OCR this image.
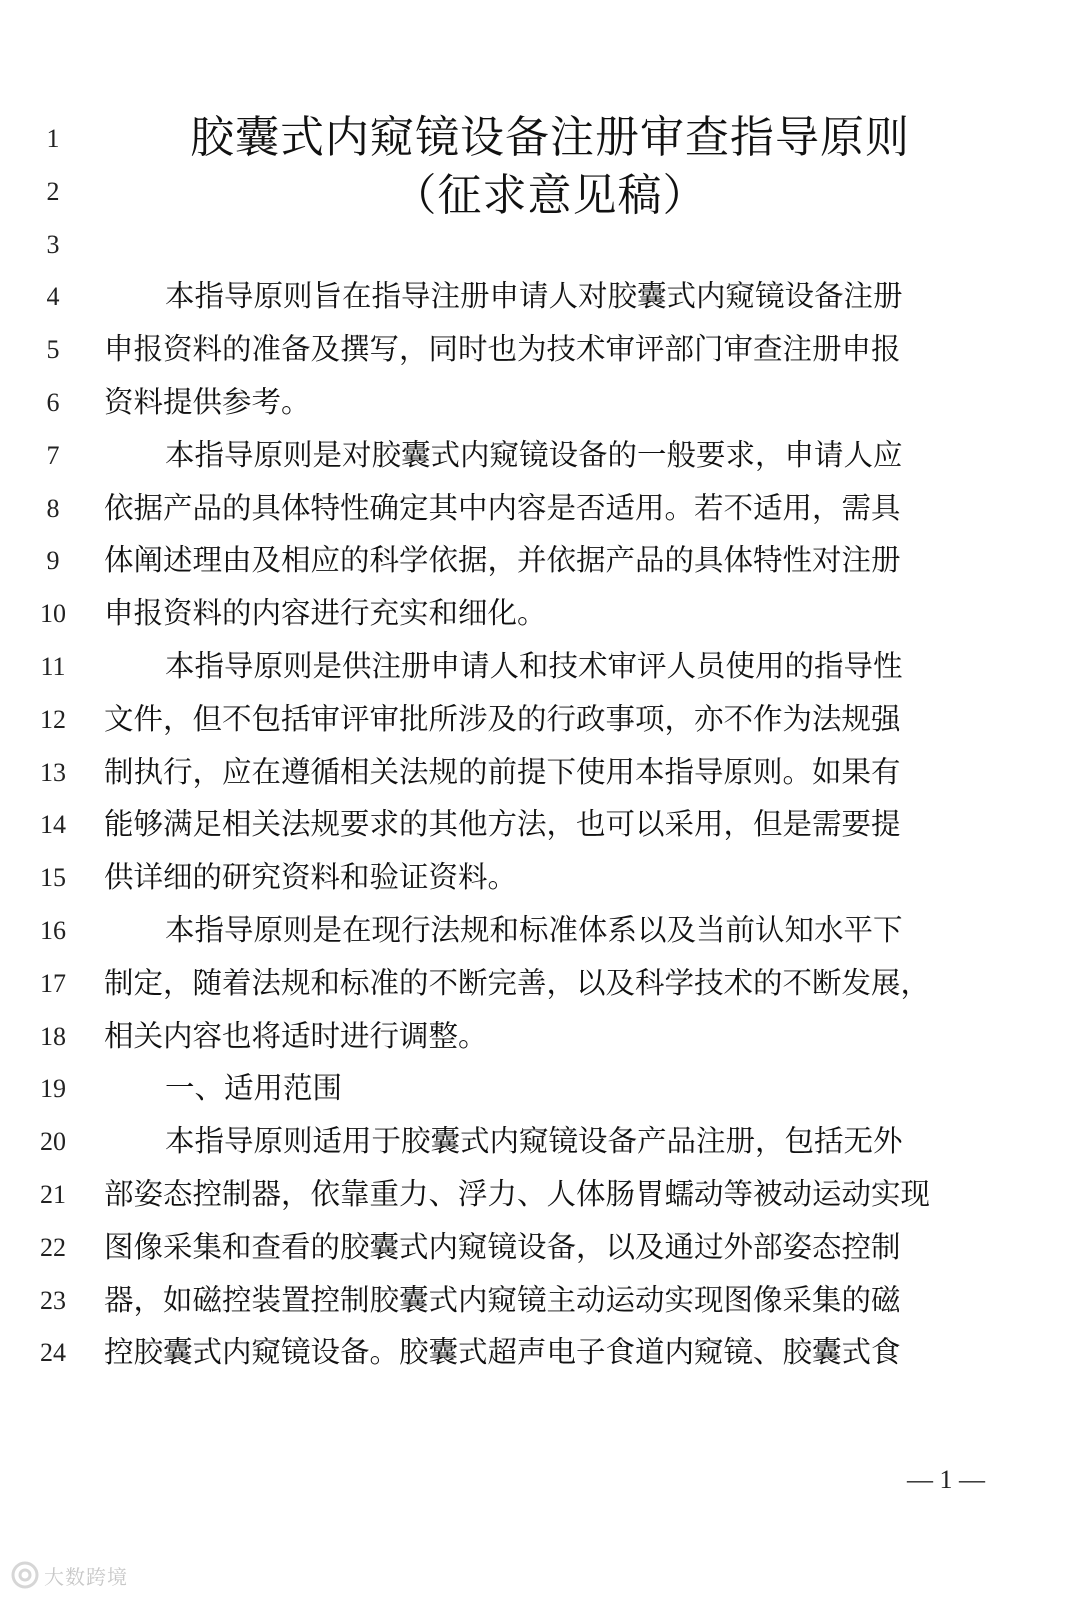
胶囊式内窥镜设备注册审查指导原则
（征求意见稿）
1
2
3
4	本指导原则旨在指导注册申请人对胶囊式内窥镜设备注册
5	申报资料的准备及撰写，同时也为技术审评部门审查注册申报
6	资料提供参考。
7	本指导原则是对胶囊式内窥镜设备的一般要求，申请人应
8	依据产品的具体特性确定其中内容是否适用。若不适用，需具
9	体阐述理由及相应的科学依据，并依据产品的具体特性对注册
10	申报资料的内容进行充实和细化。
11	本指导原则是供注册申请人和技术审评人员使用的指导性
12	文件，但不包括审评审批所涉及的行政事项，亦不作为法规强
13	制执行，应在遵循相关法规的前提下使用本指导原则。如果有
14	能够满足相关法规要求的其他方法，也可以采用，但是需要提
15	供详细的研究资料和验证资料。
16	本指导原则是在现行法规和标准体系以及当前认知水平下
17	制定，随着法规和标准的不断完善，以及科学技术的不断发展，
18	相关内容也将适时进行调整。
19	一、适用范围
20	本指导原则适用于胶囊式内窥镜设备产品注册，包括无外
21	部姿态控制器，依靠重力、浮力、人体肠胃蠕动等被动运动实现
22	图像采集和查看的胶囊式内窥镜设备，以及通过外部姿态控制
23	器，如磁控装置控制胶囊式内窥镜主动运动实现图像采集的磁
24	控胶囊式内窥镜设备。胶囊式超声电子食道内窥镜、胶囊式食
— 1 —
大数跨境
